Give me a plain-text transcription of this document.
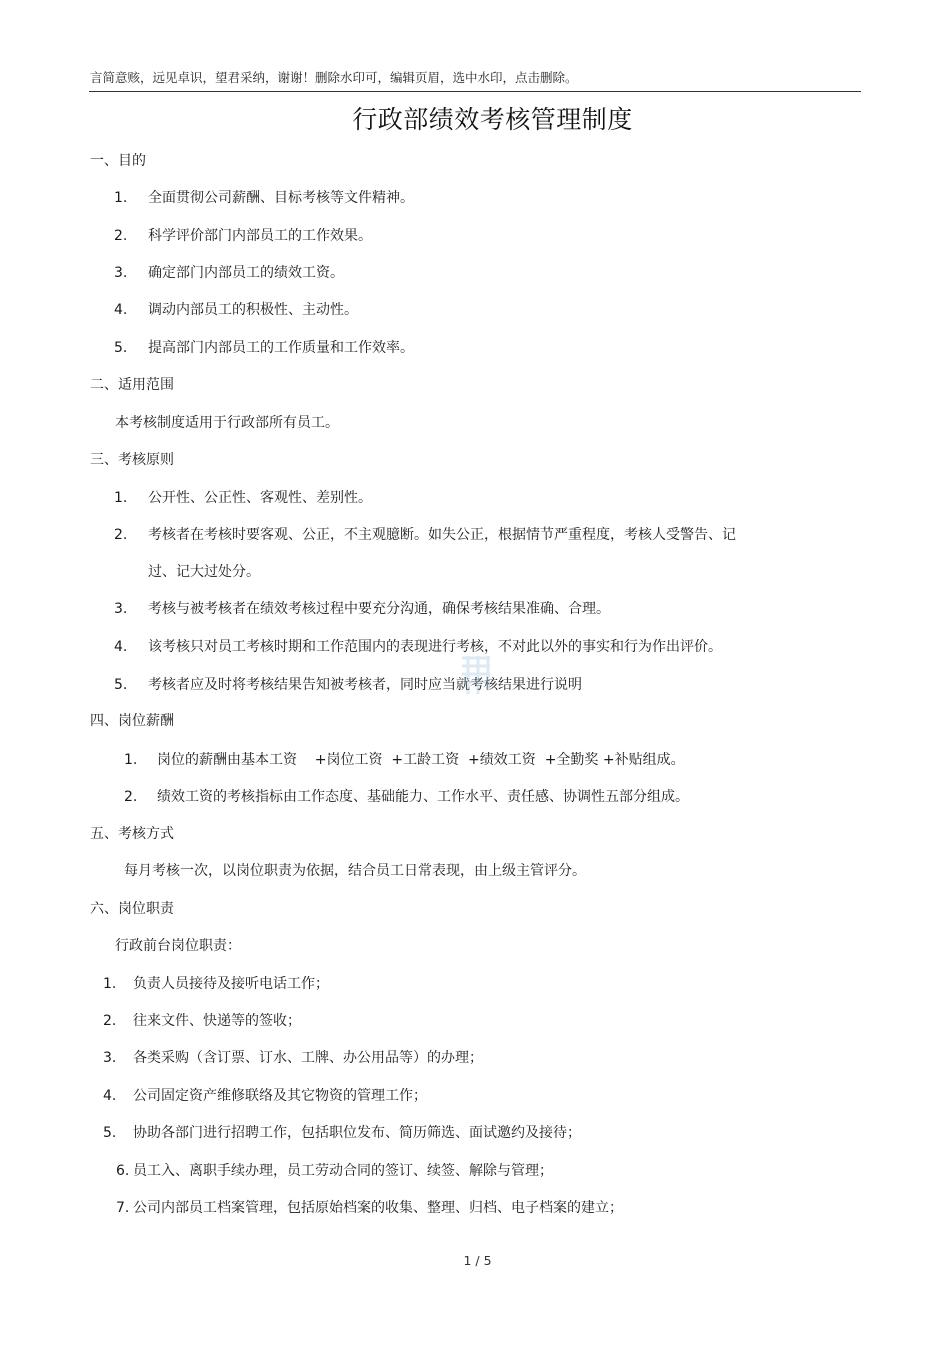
言简意赅，远见卓识，望君采纳，谢谢！删除水印可，编辑页眉，选中水印，点击删除。
行政部绩效考核管理制度
一、目的
1. 全面贯彻公司薪酬、目标考核等文件精神。
2. 科学评价部门内部员工的工作效果。
3. 确定部门内部员工的绩效工资。
4. 调动内部员工的积极性、主动性。
5. 提高部门内部员工的工作质量和工作效率。
二、适用范围
本考核制度适用于行政部所有员工。
三、考核原则
1. 公开性、公正性、客观性、差别性。
2. 考核者在考核时要客观、公正，不主观臆断。如失公正，根据情节严重程度，考核人受警告、记
过、记大过处分。
3. 考核与被考核者在绩效考核过程中要充分沟通，确保考核结果准确、合理。
4. 该考核只对员工考核时期和工作范围内的表现进行考核，不对此以外的事实和行为作出评价。
5. 考核者应及时将考核结果告知被考核者，同时应当就考核结果进行说明
四、岗位薪酬
1. 岗位的薪酬由基本工资    +岗位工资  +工龄工资  +绩效工资  +全勤奖 +补贴组成。
2. 绩效工资的考核指标由工作态度、基础能力、工作水平、责任感、协调性五部分组成。
五、考核方式
每月考核一次，以岗位职责为依据，结合员工日常表现，由上级主管评分。
六、岗位职责
行政前台岗位职责：
1. 负责人员接待及接听电话工作；
2. 往来文件、快递等的签收；
3. 各类采购（含订票、订水、工牌、办公用品等）的办理；
4. 公司固定资产维修联络及其它物资的管理工作；
5. 协助各部门进行招聘工作，包括职位发布、简历筛选、面试邀约及接待；
6. 员工入、离职手续办理，员工劳动合同的签订、续签、解除与管理；
7. 公司内部员工档案管理，包括原始档案的收集、整理、归档、电子档案的建立；
1 / 5
